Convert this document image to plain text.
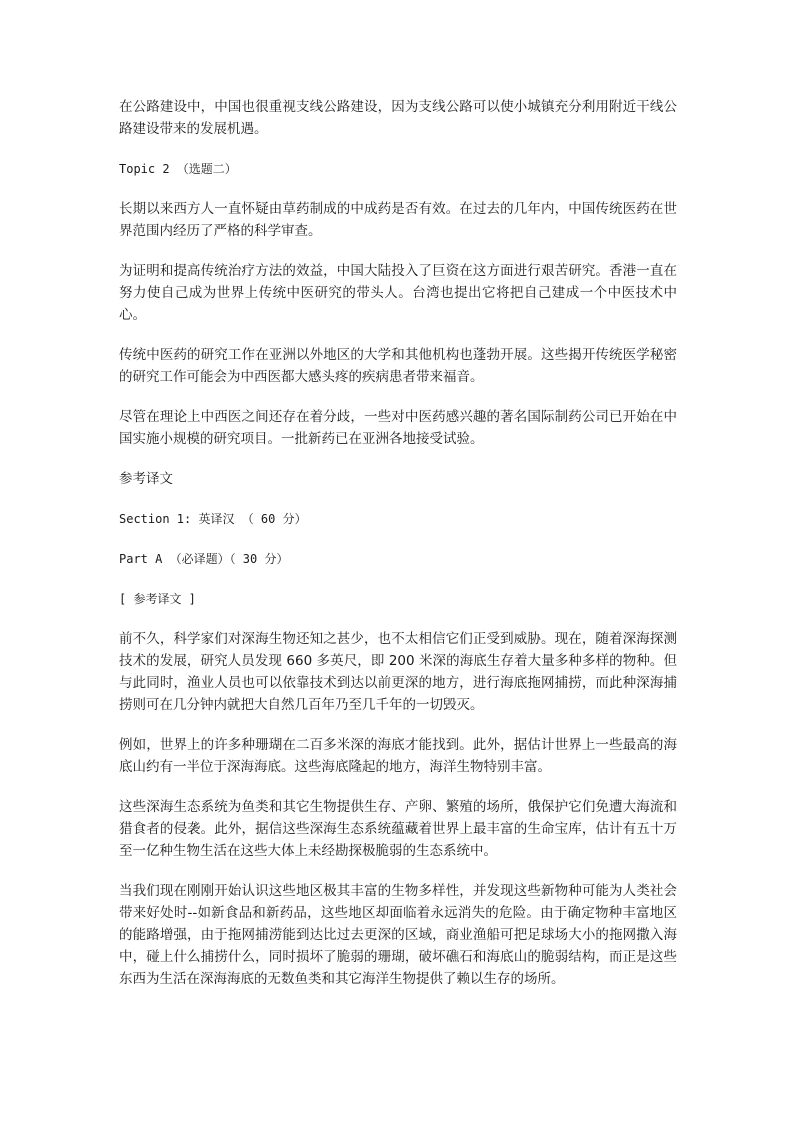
在公路建设中，中国也很重视支线公路建设，因为支线公路可以使小城镇充分利用附近干线公路建设带来的发展机遇。

Topic 2 （选题二）

长期以来西方人一直怀疑由草药制成的中成药是否有效。在过去的几年内，中国传统医药在世界范围内经历了严格的科学审查。

为证明和提高传统治疗方法的效益，中国大陆投入了巨资在这方面进行艰苦研究。香港一直在努力使自己成为世界上传统中医研究的带头人。台湾也提出它将把自己建成一个中医技术中心。

传统中医药的研究工作在亚洲以外地区的大学和其他机构也蓬勃开展。这些揭开传统医学秘密的研究工作可能会为中西医都大感头疼的疾病患者带来福音。

尽管在理论上中西医之间还存在着分歧，一些对中医药感兴趣的著名国际制药公司已开始在中国实施小规模的研究项目。一批新药已在亚洲各地接受试验。

参考译文

Section 1: 英译汉 （ 60 分）

Part A （必译题）（ 30 分）

[ 参考译文 ]

前不久，科学家们对深海生物还知之甚少，也不太相信它们正受到威胁。现在，随着深海探测技术的发展，研究人员发现 660 多英尺，即 200 米深的海底生存着大量多种多样的物种。但与此同时，渔业人员也可以依靠技术到达以前更深的地方，进行海底拖网捕捞，而此种深海捕捞则可在几分钟内就把大自然几百年乃至几千年的一切毁灭。

例如，世界上的许多种珊瑚在二百多米深的海底才能找到。此外，据估计世界上一些最高的海底山约有一半位于深海海底。这些海底隆起的地方，海洋生物特别丰富。

这些深海生态系统为鱼类和其它生物提供生存、产卵、繁殖的场所，俄保护它们免遭大海流和猎食者的侵袭。此外，据信这些深海生态系统蕴藏着世界上最丰富的生命宝库，估计有五十万至一亿种生物生活在这些大体上未经勘探极脆弱的生态系统中。

当我们现在刚刚开始认识这些地区极其丰富的生物多样性，并发现这些新物种可能为人类社会带来好处时--如新食品和新药品，这些地区却面临着永远消失的危险。由于确定物种丰富地区的能路增强，由于拖网捕涝能到达比过去更深的区域，商业渔船可把足球场大小的拖网撒入海中，碰上什么捕捞什么，同时损坏了脆弱的珊瑚，破坏礁石和海底山的脆弱结构，而正是这些东西为生活在深海海底的无数鱼类和其它海洋生物提供了赖以生存的场所。
